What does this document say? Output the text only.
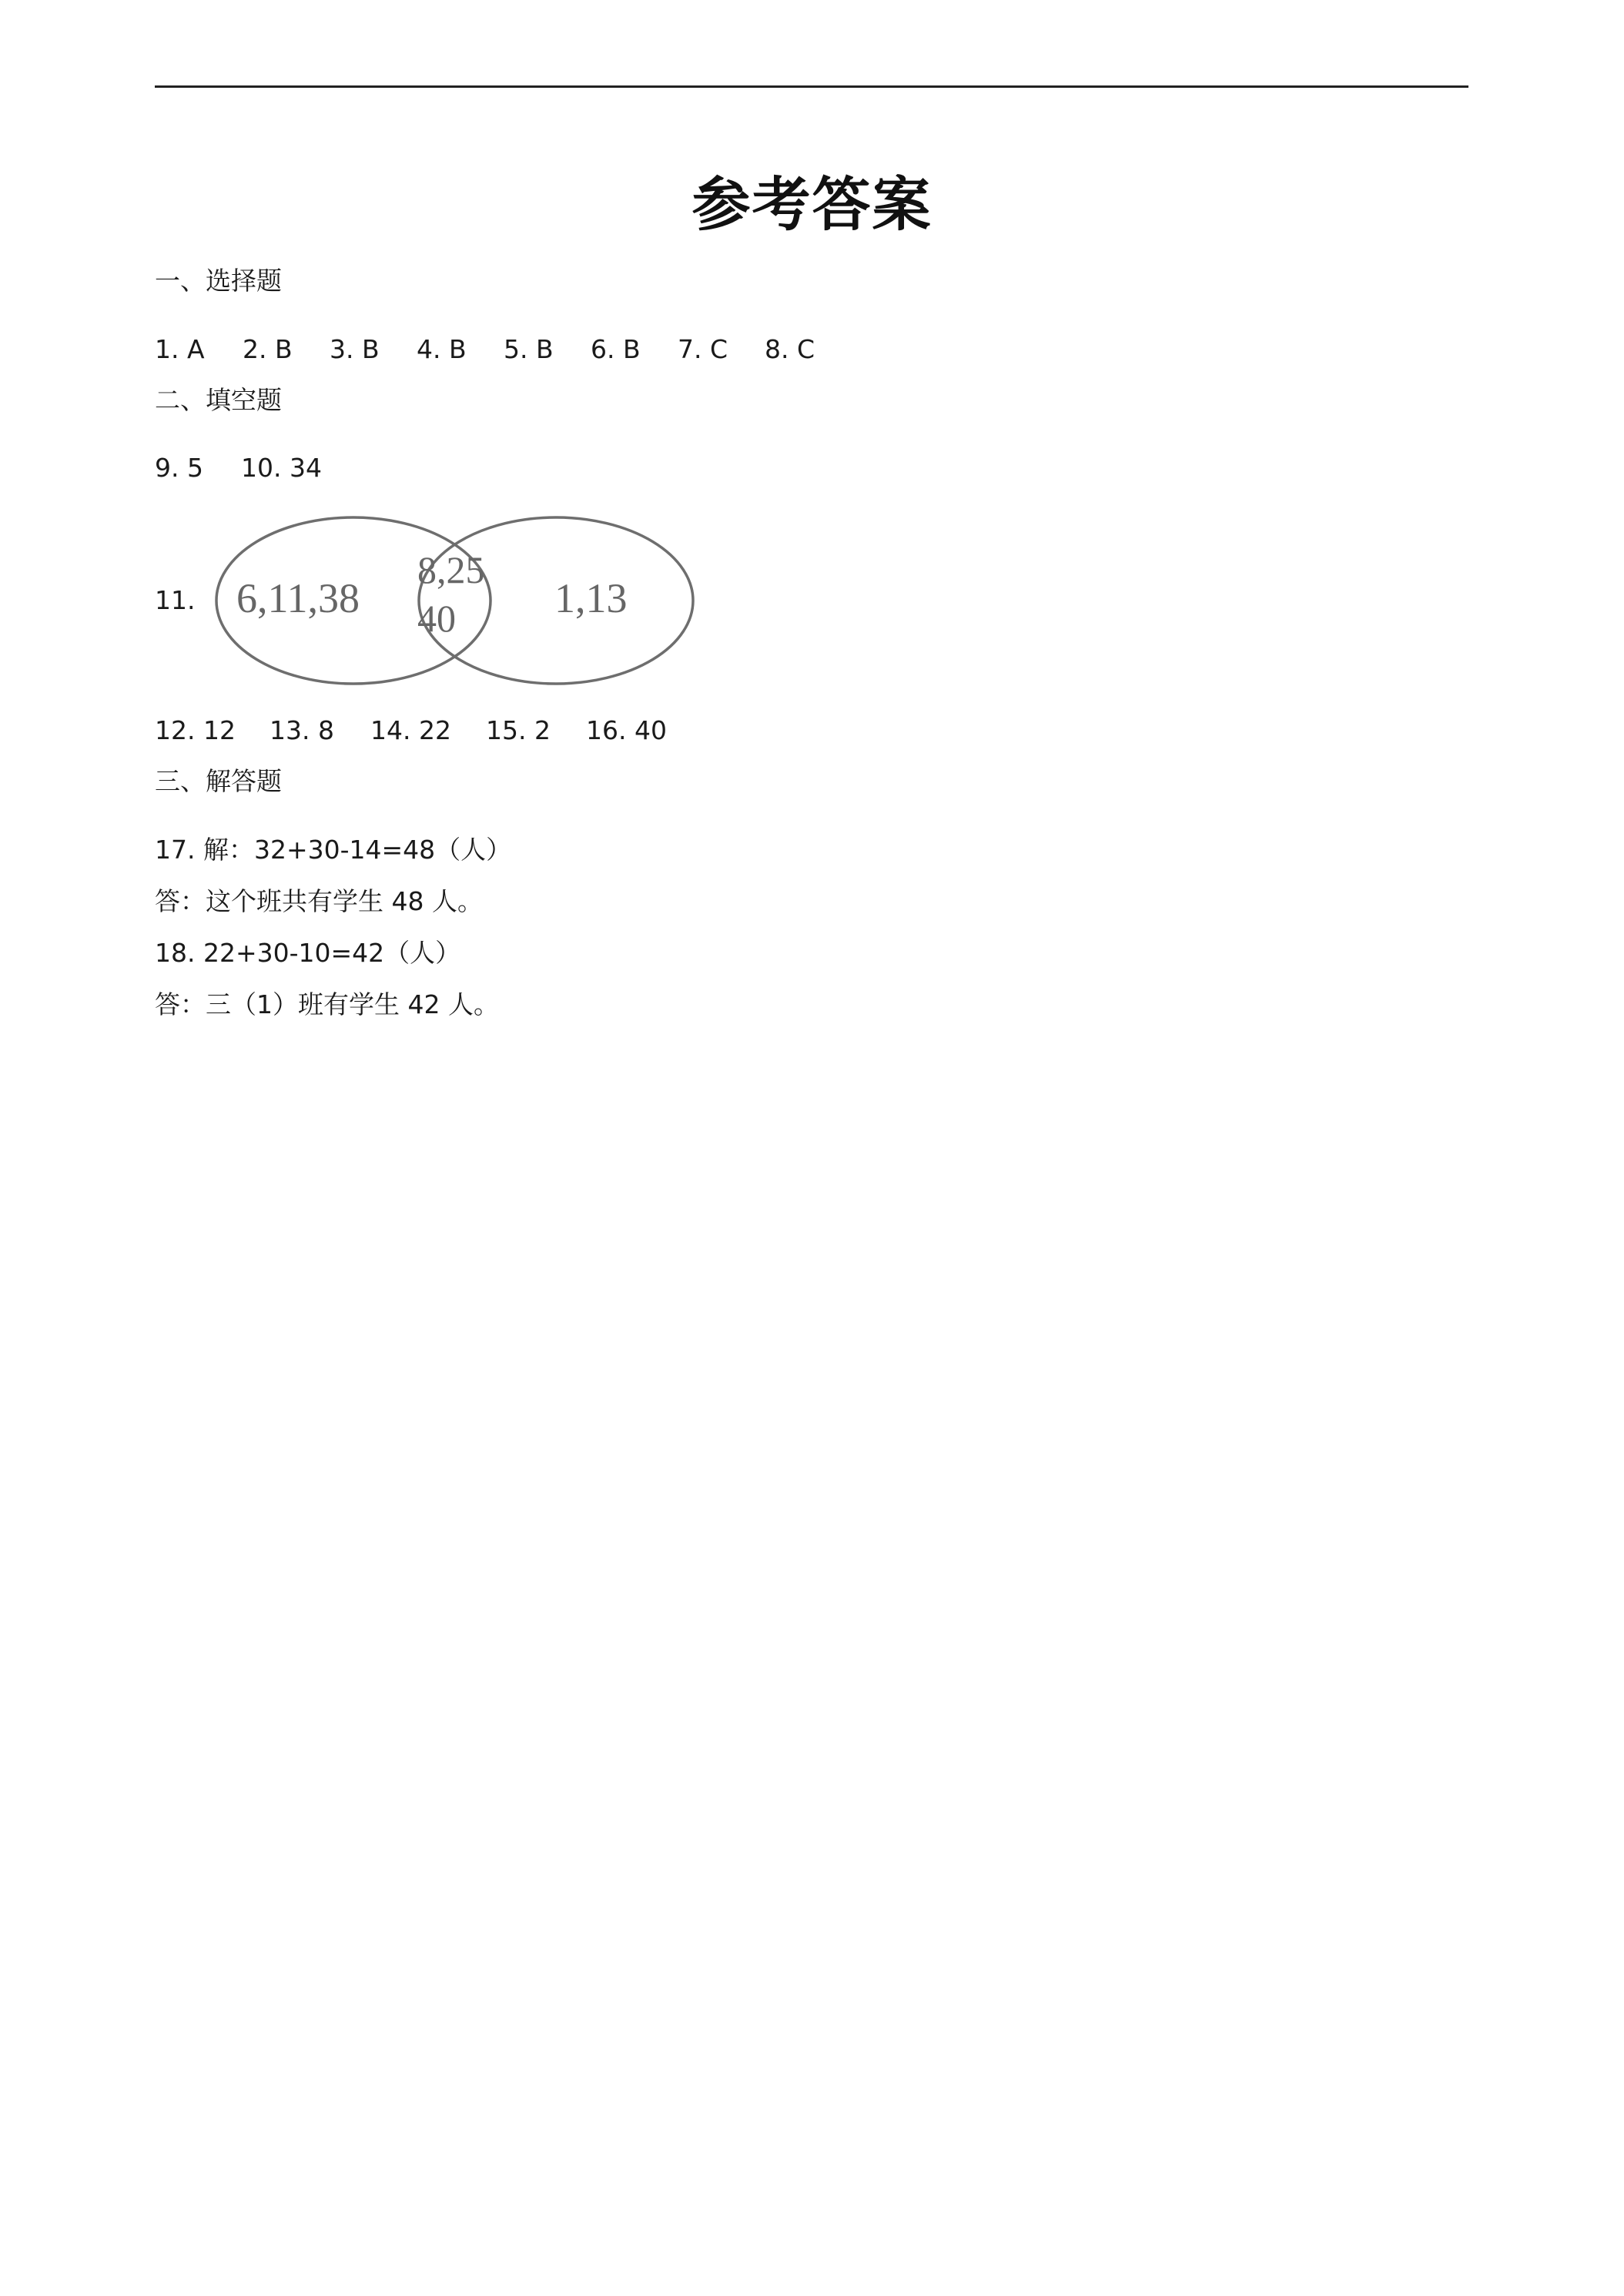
参考答案
一、选择题
1. A 2. B 3. B 4. B 5. B 6. B 7. C 8. C
二、填空题
9. 5 10. 34
11. 6,11,38
8,25
40 1,13
12. 12 13. 8 14. 22 15. 2 16. 40
三、解答题
17. 解：32+30-14=48（人）
答：这个班共有学生 48 人。
18. 22+30-10=42（人）
答：三（1）班有学生 42 人。
